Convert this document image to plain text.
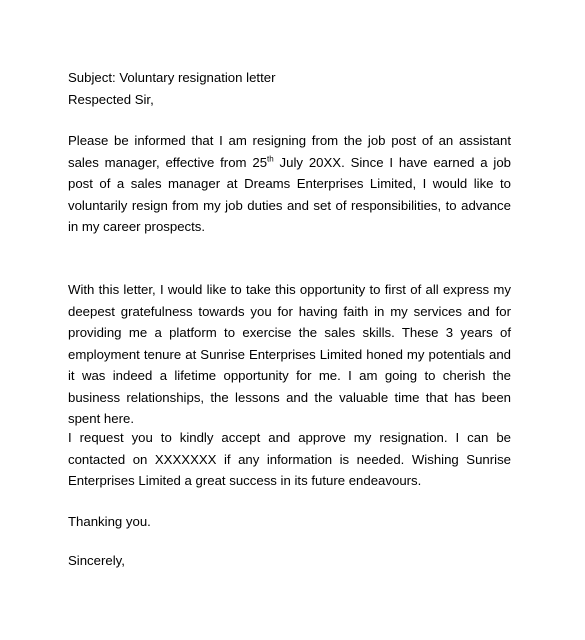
Subject: Voluntary resignation letter
Respected Sir,

Please be informed that I am resigning from the job post of an assistant sales manager, effective from 25th July 20XX. Since I have earned a job post of a sales manager at Dreams Enterprises Limited, I would like to voluntarily resign from my job duties and set of responsibilities, to advance in my career prospects.

With this letter, I would like to take this opportunity to first of all express my deepest gratefulness towards you for having faith in my services and for providing me a platform to exercise the sales skills. These 3 years of employment tenure at Sunrise Enterprises Limited honed my potentials and it was indeed a lifetime opportunity for me. I am going to cherish the business relationships, the lessons and the valuable time that has been spent here.

I request you to kindly accept and approve my resignation. I can be contacted on XXXXXXX if any information is needed. Wishing Sunrise Enterprises Limited a great success in its future endeavours.

Thanking you.
Sincerely,
